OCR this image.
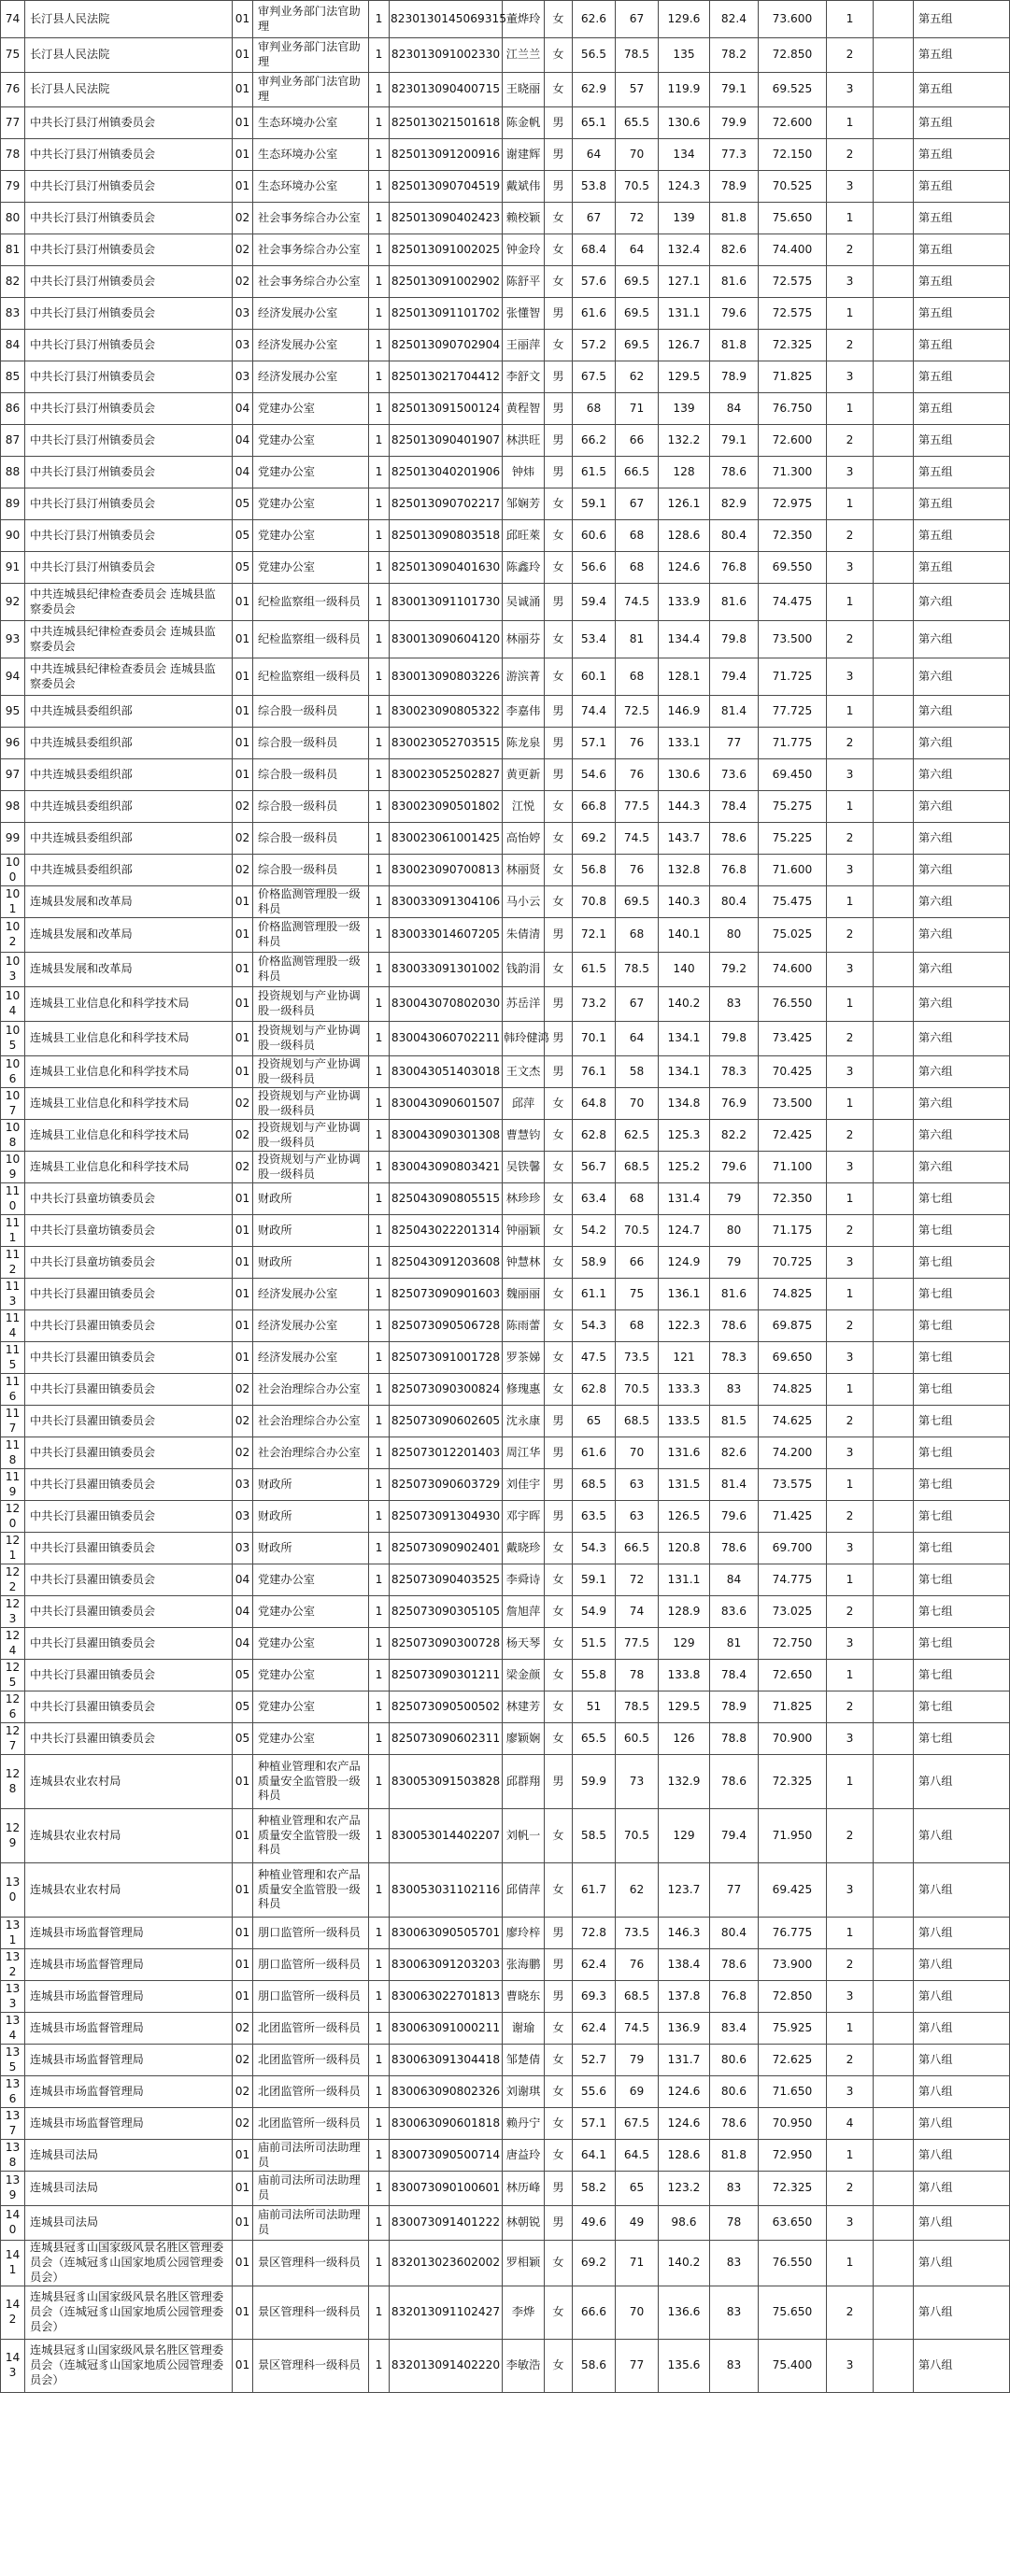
74	长汀县人民法院	01	审判业务部门法官助理	1	8230130145069315	董烨玲	女	62.6	67	129.6	82.4	73.600	1		第五组
75	长汀县人民法院	01	审判业务部门法官助理	1	823013091002330	江兰兰	女	56.5	78.5	135	78.2	72.850	2		第五组
76	长汀县人民法院	01	审判业务部门法官助理	1	823013090400715	王晓丽	女	62.9	57	119.9	79.1	69.525	3		第五组
77	中共长汀县汀州镇委员会	01	生态环境办公室	1	825013021501618	陈金帆	男	65.1	65.5	130.6	79.9	72.600	1		第五组
78	中共长汀县汀州镇委员会	01	生态环境办公室	1	825013091200916	谢建辉	男	64	70	134	77.3	72.150	2		第五组
79	中共长汀县汀州镇委员会	01	生态环境办公室	1	825013090704519	戴斌伟	男	53.8	70.5	124.3	78.9	70.525	3		第五组
80	中共长汀县汀州镇委员会	02	社会事务综合办公室	1	825013090402423	赖校颖	女	67	72	139	81.8	75.650	1		第五组
81	中共长汀县汀州镇委员会	02	社会事务综合办公室	1	825013091002025	钟金玲	女	68.4	64	132.4	82.6	74.400	2		第五组
82	中共长汀县汀州镇委员会	02	社会事务综合办公室	1	825013091002902	陈舒平	女	57.6	69.5	127.1	81.6	72.575	3		第五组
83	中共长汀县汀州镇委员会	03	经济发展办公室	1	825013091101702	张懂智	男	61.6	69.5	131.1	79.6	72.575	1		第五组
84	中共长汀县汀州镇委员会	03	经济发展办公室	1	825013090702904	王丽萍	女	57.2	69.5	126.7	81.8	72.325	2		第五组
85	中共长汀县汀州镇委员会	03	经济发展办公室	1	825013021704412	李舒文	男	67.5	62	129.5	78.9	71.825	3		第五组
86	中共长汀县汀州镇委员会	04	党建办公室	1	825013091500124	黄程智	男	68	71	139	84	76.750	1		第五组
87	中共长汀县汀州镇委员会	04	党建办公室	1	825013090401907	林洪旺	男	66.2	66	132.2	79.1	72.600	2		第五组
88	中共长汀县汀州镇委员会	04	党建办公室	1	825013040201906	钟炜	男	61.5	66.5	128	78.6	71.300	3		第五组
89	中共长汀县汀州镇委员会	05	党建办公室	1	825013090702217	邹娴芳	女	59.1	67	126.1	82.9	72.975	1		第五组
90	中共长汀县汀州镇委员会	05	党建办公室	1	825013090803518	邱旺萊	女	60.6	68	128.6	80.4	72.350	2		第五组
91	中共长汀县汀州镇委员会	05	党建办公室	1	825013090401630	陈鑫玲	女	56.6	68	124.6	76.8	69.550	3		第五组
92	中共连城县纪律检查委员会 连城县监察委员会	01	纪检监察组一级科员	1	830013091101730	吴诚涌	男	59.4	74.5	133.9	81.6	74.475	1		第六组
93	中共连城县纪律检查委员会 连城县监察委员会	01	纪检监察组一级科员	1	830013090604120	林丽芬	女	53.4	81	134.4	79.8	73.500	2		第六组
94	中共连城县纪律检查委员会 连城县监察委员会	01	纪检监察组一级科员	1	830013090803226	游滨菁	女	60.1	68	128.1	79.4	71.725	3		第六组
95	中共连城县委组织部	01	综合股一级科员	1	830023090805322	李嘉伟	男	74.4	72.5	146.9	81.4	77.725	1		第六组
96	中共连城县委组织部	01	综合股一级科员	1	830023052703515	陈龙泉	男	57.1	76	133.1	77	71.775	2		第六组
97	中共连城县委组织部	01	综合股一级科员	1	830023052502827	黄更新	男	54.6	76	130.6	73.6	69.450	3		第六组
98	中共连城县委组织部	02	综合股一级科员	1	830023090501802	江悦	女	66.8	77.5	144.3	78.4	75.275	1		第六组
99	中共连城县委组织部	02	综合股一级科员	1	830023061001425	高怡婷	女	69.2	74.5	143.7	78.6	75.225	2		第六组
100	中共连城县委组织部	02	综合股一级科员	1	830023090700813	林丽贤	女	56.8	76	132.8	76.8	71.600	3		第六组
101	连城县发展和改革局	01	价格监测管理股一级科员	1	830033091304106	马小云	女	70.8	69.5	140.3	80.4	75.475	1		第六组
102	连城县发展和改革局	01	价格监测管理股一级科员	1	830033014607205	朱倩清	男	72.1	68	140.1	80	75.025	2		第六组
103	连城县发展和改革局	01	价格监测管理股一级科员	1	830033091301002	钱韵涓	女	61.5	78.5	140	79.2	74.600	3		第六组
104	连城县工业信息化和科学技术局	01	投资规划与产业协调股一级科员	1	830043070802030	苏岳洋	男	73.2	67	140.2	83	76.550	1		第六组
105	连城县工业信息化和科学技术局	01	投资规划与产业协调股一级科员	1	830043060702211	韩玲健鸿	男	70.1	64	134.1	79.8	73.425	2		第六组
106	连城县工业信息化和科学技术局	01	投资规划与产业协调股一级科员	1	830043051403018	王文杰	男	76.1	58	134.1	78.3	70.425	3		第六组
107	连城县工业信息化和科学技术局	02	投资规划与产业协调股一级科员	1	830043090601507	邱萍	女	64.8	70	134.8	76.9	73.500	1		第六组
108	连城县工业信息化和科学技术局	02	投资规划与产业协调股一级科员	1	830043090301308	曹慧钧	女	62.8	62.5	125.3	82.2	72.425	2		第六组
109	连城县工业信息化和科学技术局	02	投资规划与产业协调股一级科员	1	830043090803421	吴铁馨	女	56.7	68.5	125.2	79.6	71.100	3		第六组
110	中共长汀县童坊镇委员会	01	财政所	1	825043090805515	林珍珍	女	63.4	68	131.4	79	72.350	1		第七组
111	中共长汀县童坊镇委员会	01	财政所	1	825043022201314	钟丽颖	女	54.2	70.5	124.7	80	71.175	2		第七组
112	中共长汀县童坊镇委员会	01	财政所	1	825043091203608	钟慧林	女	58.9	66	124.9	79	70.725	3		第七组
113	中共长汀县濯田镇委员会	01	经济发展办公室	1	825073090901603	魏丽丽	女	61.1	75	136.1	81.6	74.825	1		第七组
114	中共长汀县濯田镇委员会	01	经济发展办公室	1	825073090506728	陈雨蕾	女	54.3	68	122.3	78.6	69.875	2		第七组
115	中共长汀县濯田镇委员会	01	经济发展办公室	1	825073091001728	罗茶娣	女	47.5	73.5	121	78.3	69.650	3		第七组
116	中共长汀县濯田镇委员会	02	社会治理综合办公室	1	825073090300824	修瑰惠	女	62.8	70.5	133.3	83	74.825	1		第七组
117	中共长汀县濯田镇委员会	02	社会治理综合办公室	1	825073090602605	沈永康	男	65	68.5	133.5	81.5	74.625	2		第七组
118	中共长汀县濯田镇委员会	02	社会治理综合办公室	1	825073012201403	周江华	男	61.6	70	131.6	82.6	74.200	3		第七组
119	中共长汀县濯田镇委员会	03	财政所	1	825073090603729	刘佳宇	男	68.5	63	131.5	81.4	73.575	1		第七组
120	中共长汀县濯田镇委员会	03	财政所	1	825073091304930	邓宇晖	男	63.5	63	126.5	79.6	71.425	2		第七组
121	中共长汀县濯田镇委员会	03	财政所	1	825073090902401	戴晓珍	女	54.3	66.5	120.8	78.6	69.700	3		第七组
122	中共长汀县濯田镇委员会	04	党建办公室	1	825073090403525	李舜诗	女	59.1	72	131.1	84	74.775	1		第七组
123	中共长汀县濯田镇委员会	04	党建办公室	1	825073090305105	詹旭萍	女	54.9	74	128.9	83.6	73.025	2		第七组
124	中共长汀县濯田镇委员会	04	党建办公室	1	825073090300728	杨天琴	女	51.5	77.5	129	81	72.750	3		第七组
125	中共长汀县濯田镇委员会	05	党建办公室	1	825073090301211	梁金颜	女	55.8	78	133.8	78.4	72.650	1		第七组
126	中共长汀县濯田镇委员会	05	党建办公室	1	825073090500502	林建芳	女	51	78.5	129.5	78.9	71.825	2		第七组
127	中共长汀县濯田镇委员会	05	党建办公室	1	825073090602311	廖颖娴	女	65.5	60.5	126	78.8	70.900	3		第七组
128	连城县农业农村局	01	种植业管理和农产品质量安全监管股一级科员	1	830053091503828	邱群翔	男	59.9	73	132.9	78.6	72.325	1		第八组
129	连城县农业农村局	01	种植业管理和农产品质量安全监管股一级科员	1	830053014402207	刘帆一	女	58.5	70.5	129	79.4	71.950	2		第八组
130	连城县农业农村局	01	种植业管理和农产品质量安全监管股一级科员	1	830053031102116	邱倩萍	女	61.7	62	123.7	77	69.425	3		第八组
131	连城县市场监督管理局	01	朋口监管所一级科员	1	830063090505701	廖玲梓	男	72.8	73.5	146.3	80.4	76.775	1		第八组
132	连城县市场监督管理局	01	朋口监管所一级科员	1	830063091203203	张海鹏	男	62.4	76	138.4	78.6	73.900	2		第八组
133	连城县市场监督管理局	01	朋口监管所一级科员	1	830063022701813	曹晓东	男	69.3	68.5	137.8	76.8	72.850	3		第八组
134	连城县市场监督管理局	02	北团监管所一级科员	1	830063091000211	谢瑜	女	62.4	74.5	136.9	83.4	75.925	1		第八组
135	连城县市场监督管理局	02	北团监管所一级科员	1	830063091304418	邹楚倩	女	52.7	79	131.7	80.6	72.625	2		第八组
136	连城县市场监督管理局	02	北团监管所一级科员	1	830063090802326	刘谢琪	女	55.6	69	124.6	80.6	71.650	3		第八组
137	连城县市场监督管理局	02	北团监管所一级科员	1	830063090601818	赖丹宁	女	57.1	67.5	124.6	78.6	70.950	4		第八组
138	连城县司法局	01	庙前司法所司法助理员	1	830073090500714	唐益玲	女	64.1	64.5	128.6	81.8	72.950	1		第八组
139	连城县司法局	01	庙前司法所司法助理员	1	830073090100601	林历峰	男	58.2	65	123.2	83	72.325	2		第八组
140	连城县司法局	01	庙前司法所司法助理员	1	830073091401222	林朝锐	男	49.6	49	98.6	78	63.650	3		第八组
141	连城县冠豸山国家级风景名胜区管理委员会（连城冠豸山国家地质公园管理委员会）	01	景区管理科一级科员	1	832013023602002	罗相颖	女	69.2	71	140.2	83	76.550	1		第八组
142	连城县冠豸山国家级风景名胜区管理委员会（连城冠豸山国家地质公园管理委员会）	01	景区管理科一级科员	1	832013091102427	李烨	女	66.6	70	136.6	83	75.650	2		第八组
143	连城县冠豸山国家级风景名胜区管理委员会（连城冠豸山国家地质公园管理委员会）	01	景区管理科一级科员	1	832013091402220	李敏浩	女	58.6	77	135.6	83	75.400	3		第八组
